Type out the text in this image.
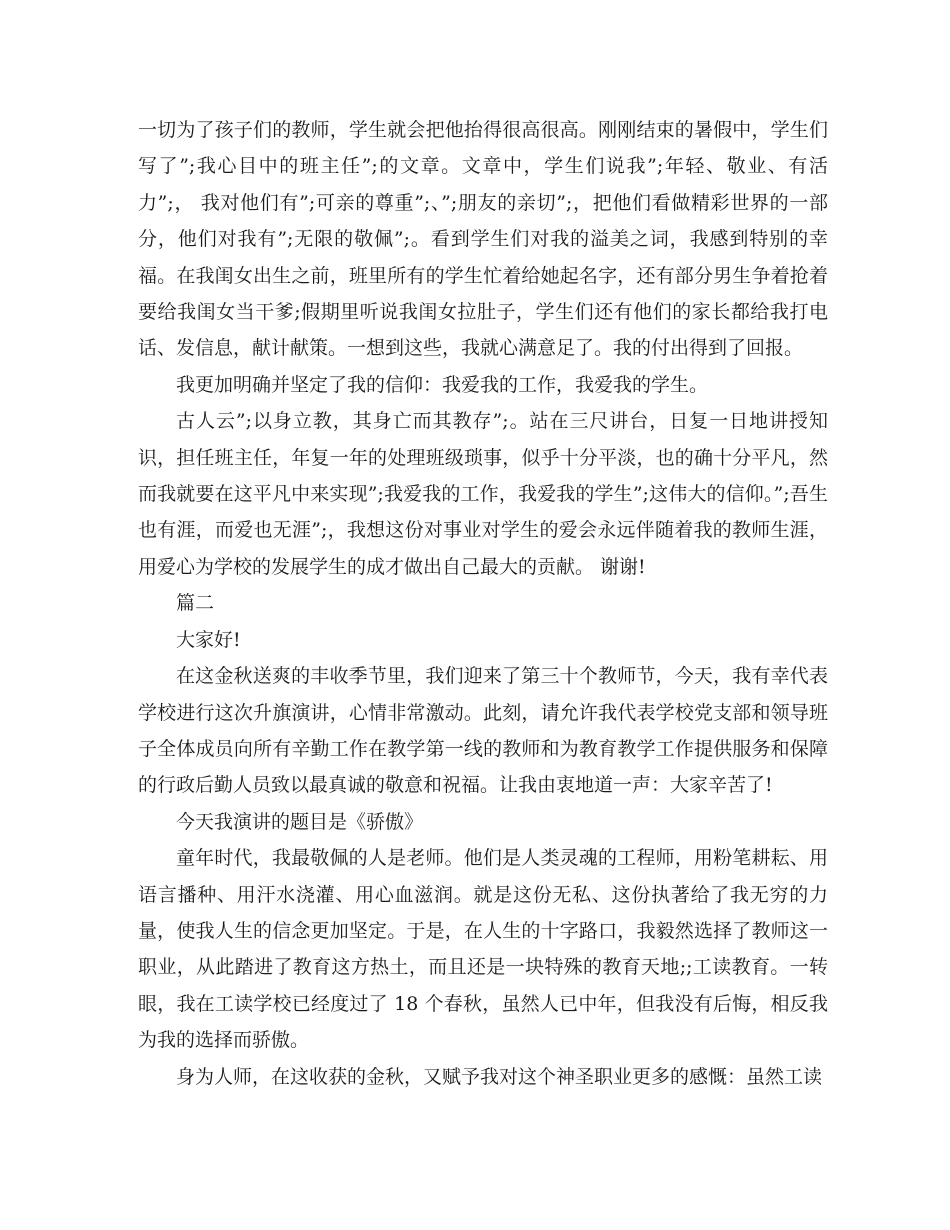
一切为了孩子们的教师，学生就会把他抬得很高很高。刚刚结束的暑假中，学生们写了”;我心目中的班主任”;的文章。文章中，学生们说我”;年轻、敬业、有活力”;， 我对他们有”;可亲的尊重”;、”;朋友的亲切”;，把他们看做精彩世界的一部分，他们对我有”;无限的敬佩”;。看到学生们对我的溢美之词，我感到特别的幸福。在我闺女出生之前，班里所有的学生忙着给她起名字，还有部分男生争着抢着要给我闺女当干爹;假期里听说我闺女拉肚子，学生们还有他们的家长都给我打电话、发信息，献计献策。一想到这些，我就心满意足了。我的付出得到了回报。

我更加明确并坚定了我的信仰：我爱我的工作，我爱我的学生。

古人云”;以身立教，其身亡而其教存”;。站在三尺讲台，日复一日地讲授知识，担任班主任，年复一年的处理班级琐事，似乎十分平淡，也的确十分平凡，然而我就要在这平凡中来实现”;我爱我的工作，我爱我的学生”;这伟大的信仰。”;吾生也有涯，而爱也无涯”;，我想这份对事业对学生的爱会永远伴随着我的教师生涯，用爱心为学校的发展学生的成才做出自己最大的贡献。 谢谢!

篇二

大家好!

在这金秋送爽的丰收季节里，我们迎来了第三十个教师节，今天，我有幸代表学校进行这次升旗演讲，心情非常激动。此刻，请允许我代表学校党支部和领导班子全体成员向所有辛勤工作在教学第一线的教师和为教育教学工作提供服务和保障的行政后勤人员致以最真诚的敬意和祝福。让我由衷地道一声：大家辛苦了!

今天我演讲的题目是《骄傲》

童年时代，我最敬佩的人是老师。他们是人类灵魂的工程师，用粉笔耕耘、用语言播种、用汗水浇灌、用心血滋润。就是这份无私、这份执著给了我无穷的力量，使我人生的信念更加坚定。于是，在人生的十字路口，我毅然选择了教师这一职业，从此踏进了教育这方热土，而且还是一块特殊的教育天地;;工读教育。一转眼，我在工读学校已经度过了 18 个春秋，虽然人已中年，但我没有后悔，相反我为我的选择而骄傲。

身为人师，在这收获的金秋，又赋予我对这个神圣职业更多的感慨：虽然工读
